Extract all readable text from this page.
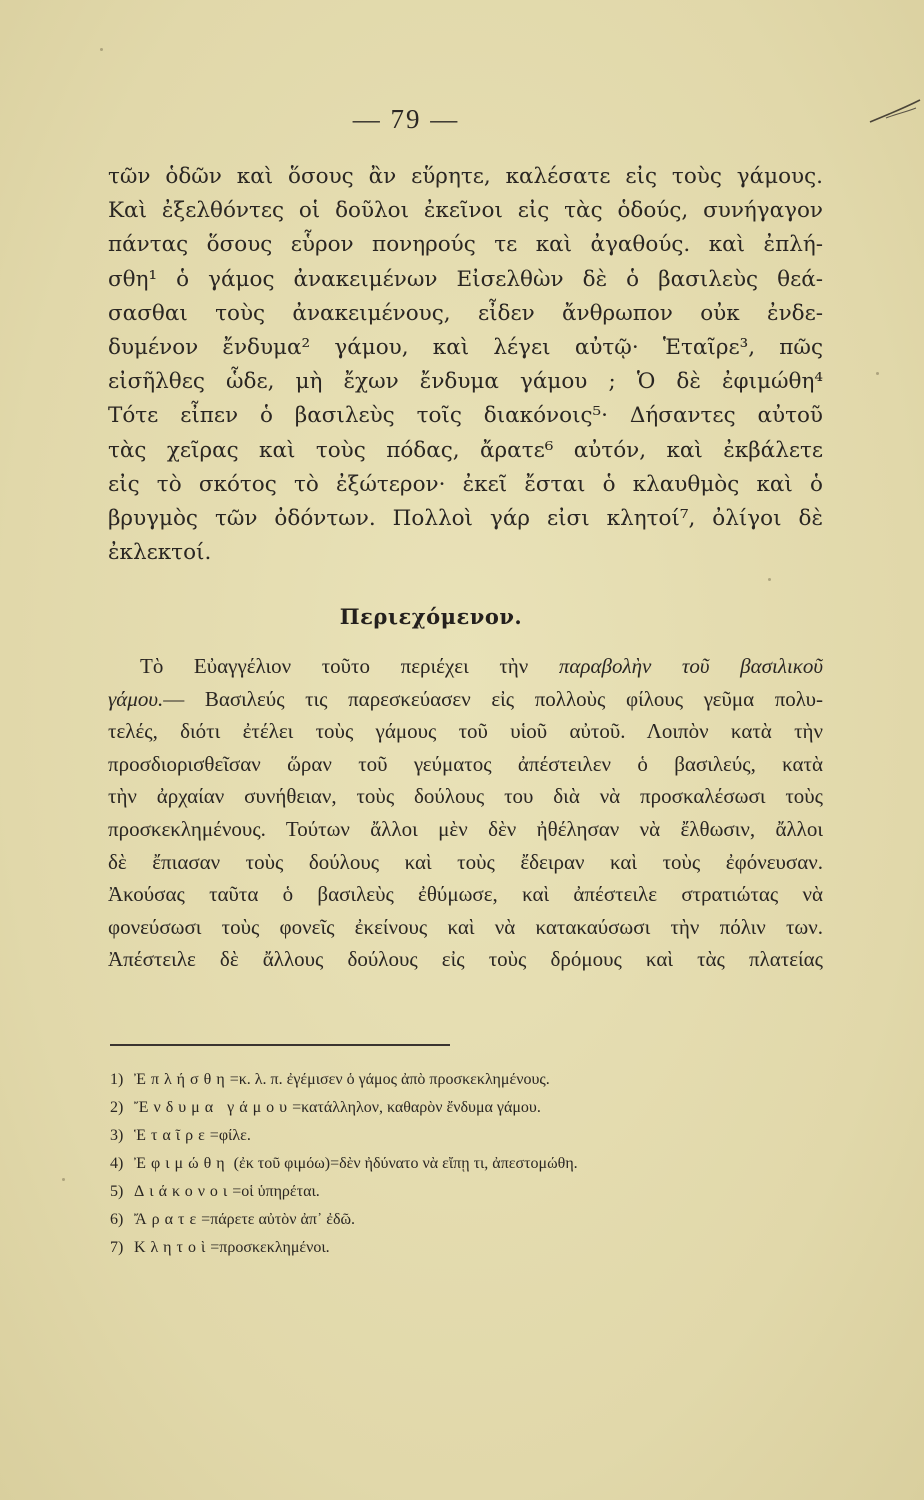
— 79 —
τῶν ὁδῶν καὶ ὅσους ἂν εὕρητε, καλέσατε εἰς τοὺς γάμους.
Καὶ ἐξελθόντες οἱ δοῦλοι ἐκεῖνοι εἰς τὰς ὁδούς, συνήγαγον
πάντας ὅσους εὗρον πονηρούς τε καὶ ἀγαθούς. καὶ ἐπλή-
σθη¹ ὁ γάμος ἀνακειμένων Εἰσελθὼν δὲ ὁ βασιλεὺς θεά-
σασθαι τοὺς ἀνακειμένους, εἶδεν ἄνθρωπον οὐκ ἐνδε-
δυμένον ἔνδυμα² γάμου, καὶ λέγει αὐτῷ· Ἑταῖρε³, πῶς
εἰσῆλθες ὧδε, μὴ ἔχων ἔνδυμα γάμου ; Ὁ δὲ ἐφιμώθη⁴
Τότε εἶπεν ὁ βασιλεὺς τοῖς διακόνοις⁵· Δήσαντες αὐτοῦ
τὰς χεῖρας καὶ τοὺς πόδας, ἄρατε⁶ αὐτόν, καὶ ἐκβάλετε
εἰς τὸ σκότος τὸ ἐξώτερον· ἐκεῖ ἔσται ὁ κλαυθμὸς καὶ ὁ
βρυγμὸς τῶν ὀδόντων. Πολλοὶ γάρ εἰσι κλητοί⁷, ὀλίγοι δὲ
ἐκλεκτοί.
Περιεχόμενον.
Τὸ Εὐαγγέλιον τοῦτο περιέχει τὴν παραβολὴν τοῦ βασιλικοῦ
γάμου.— Βασιλεύς τις παρεσκεύασεν εἰς πολλοὺς φίλους γεῦμα πολυ-
τελές, διότι ἐτέλει τοὺς γάμους τοῦ υἱοῦ αὐτοῦ. Λοιπὸν κατὰ τὴν
προσδιορισθεῖσαν ὥραν τοῦ γεύματος ἀπέστειλεν ὁ βασιλεύς, κατὰ
τὴν ἀρχαίαν συνήθειαν, τοὺς δούλους του διὰ νὰ προσκαλέσωσι τοὺς
προσκεκλημένους. Τούτων ἄλλοι μὲν δὲν ἠθέλησαν νὰ ἔλθωσιν, ἄλλοι
δὲ ἔπιασαν τοὺς δούλους καὶ τοὺς ἔδειραν καὶ τοὺς ἐφόνευσαν.
Ἀκούσας ταῦτα ὁ βασιλεὺς ἐθύμωσε, καὶ ἀπέστειλε στρατιώτας νὰ
φονεύσωσι τοὺς φονεῖς ἐκείνους καὶ νὰ κατακαύσωσι τὴν πόλιν των.
Ἀπέστειλε δὲ ἄλλους δούλους εἰς τοὺς δρόμους καὶ τὰς πλατείας
1) Ἐπλήσθη=κ. λ. π. ἐγέμισεν ὁ γάμος ἀπὸ προσκεκλημένους.
2) Ἔνδυμα γάμου=κατάλληλον, καθαρὸν ἔνδυμα γάμου.
3) Ἑταῖρε=φίλε.
4) Ἐφιμώθη (ἐκ τοῦ φιμόω)=δὲν ἠδύνατο νὰ εἴπῃ τι, ἀπεστομώθη.
5) Διάκονοι=οἱ ὑπηρέται.
6) Ἄρατε=πάρετε αὐτὸν ἀπ᾽ ἐδῶ.
7) Κλητοὶ=προσκεκλημένοι.
